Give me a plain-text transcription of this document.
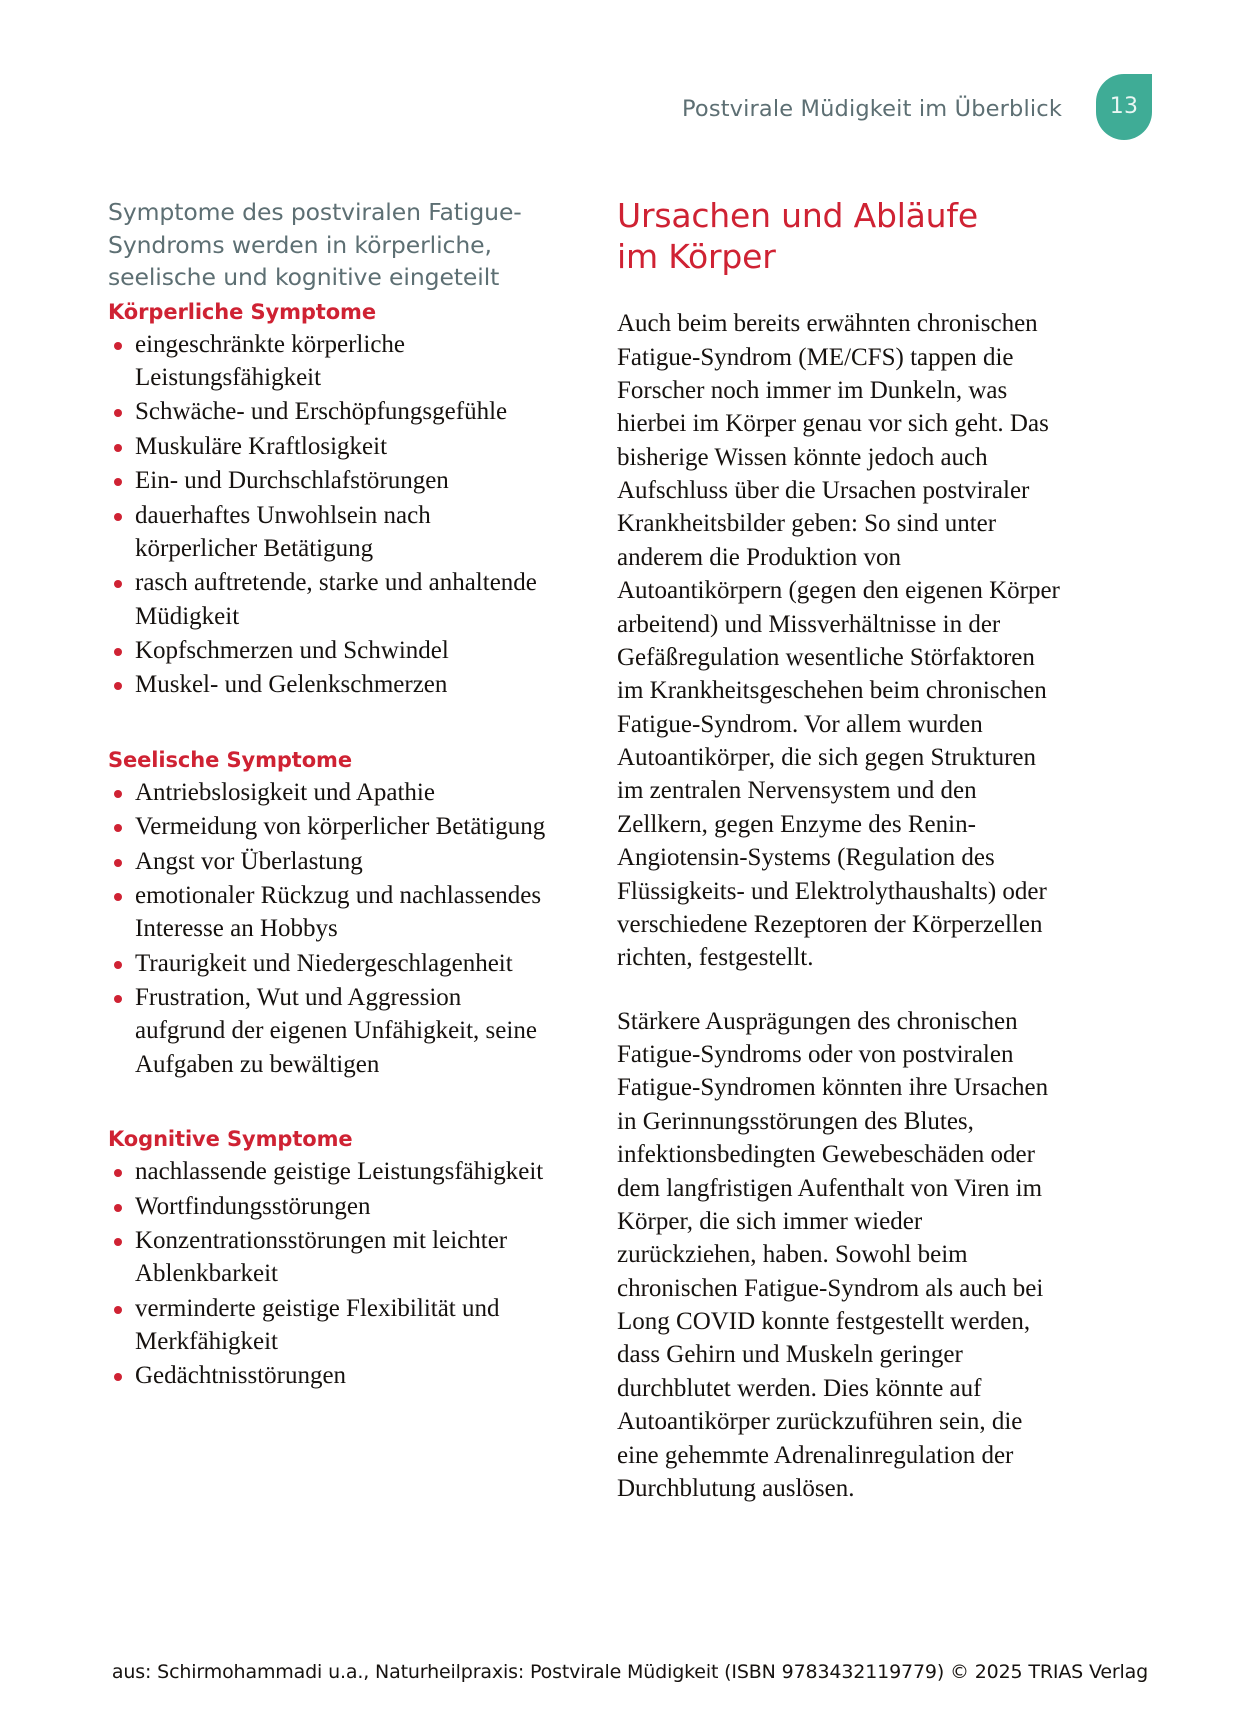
Postvirale Müdigkeit im Überblick	13

Symptome des postviralen Fatigue-Syndroms werden in körperliche, seelische und kognitive eingeteilt

Körperliche Symptome
eingeschränkte körperliche Leistungsfähigkeit
Schwäche- und Erschöpfungsgefühle
Muskuläre Kraftlosigkeit
Ein- und Durchschlafstörungen
dauerhaftes Unwohlsein nach körperlicher Betätigung
rasch auftretende, starke und anhaltende Müdigkeit
Kopfschmerzen und Schwindel
Muskel- und Gelenkschmerzen
Seelische Symptome
Antriebslosigkeit und Apathie
Vermeidung von körperlicher Betätigung
Angst vor Überlastung
emotionaler Rückzug und nachlassendes Interesse an Hobbys
Traurigkeit und Niedergeschlagenheit
Frustration, Wut und Aggression aufgrund der eigenen Unfähigkeit, seine Aufgaben zu bewältigen
Kognitive Symptome
nachlassende geistige Leistungsfähigkeit
Wortfindungsstörungen
Konzentrationsstörungen mit leichter Ablenkbarkeit
verminderte geistige Flexibilität und Merkfähigkeit
Gedächtnisstörungen
Ursachen und Abläufe
im Körper

Auch beim bereits erwähnten chronischen Fatigue-Syndrom (ME/CFS) tappen die Forscher noch immer im Dunkeln, was hierbei im Körper genau vor sich geht. Das bisherige Wissen könnte jedoch auch Aufschluss über die Ursachen postviraler Krankheitsbilder geben: So sind unter anderem die Produktion von Autoantikörpern (gegen den eigenen Körper arbeitend) und Missverhältnisse in der Gefäßregulation wesentliche Störfaktoren im Krankheitsgeschehen beim chronischen Fatigue-Syndrom. Vor allem wurden Autoantikörper, die sich gegen Strukturen im zentralen Nervensystem und den Zellkern, gegen Enzyme des Renin-Angiotensin-Systems (Regulation des Flüssigkeits- und Elektrolythaushalts) oder verschiedene Rezeptoren der Körperzellen richten, festgestellt.

Stärkere Ausprägungen des chronischen Fatigue-Syndroms oder von postviralen Fatigue-Syndromen könnten ihre Ursachen in Gerinnungsstörungen des Blutes, infektionsbedingten Gewebeschäden oder dem langfristigen Aufenthalt von Viren im Körper, die sich immer wieder zurückziehen, haben. Sowohl beim chronischen Fatigue-Syndrom als auch bei Long COVID konnte festgestellt werden, dass Gehirn und Muskeln geringer durchblutet werden. Dies könnte auf Autoantikörper zurückzuführen sein, die eine gehemmte Adrenalinregulation der Durchblutung auslösen.

aus: Schirmohammadi u.a., Naturheilpraxis: Postvirale Müdigkeit (ISBN 9783432119779) © 2025 TRIAS Verlag
